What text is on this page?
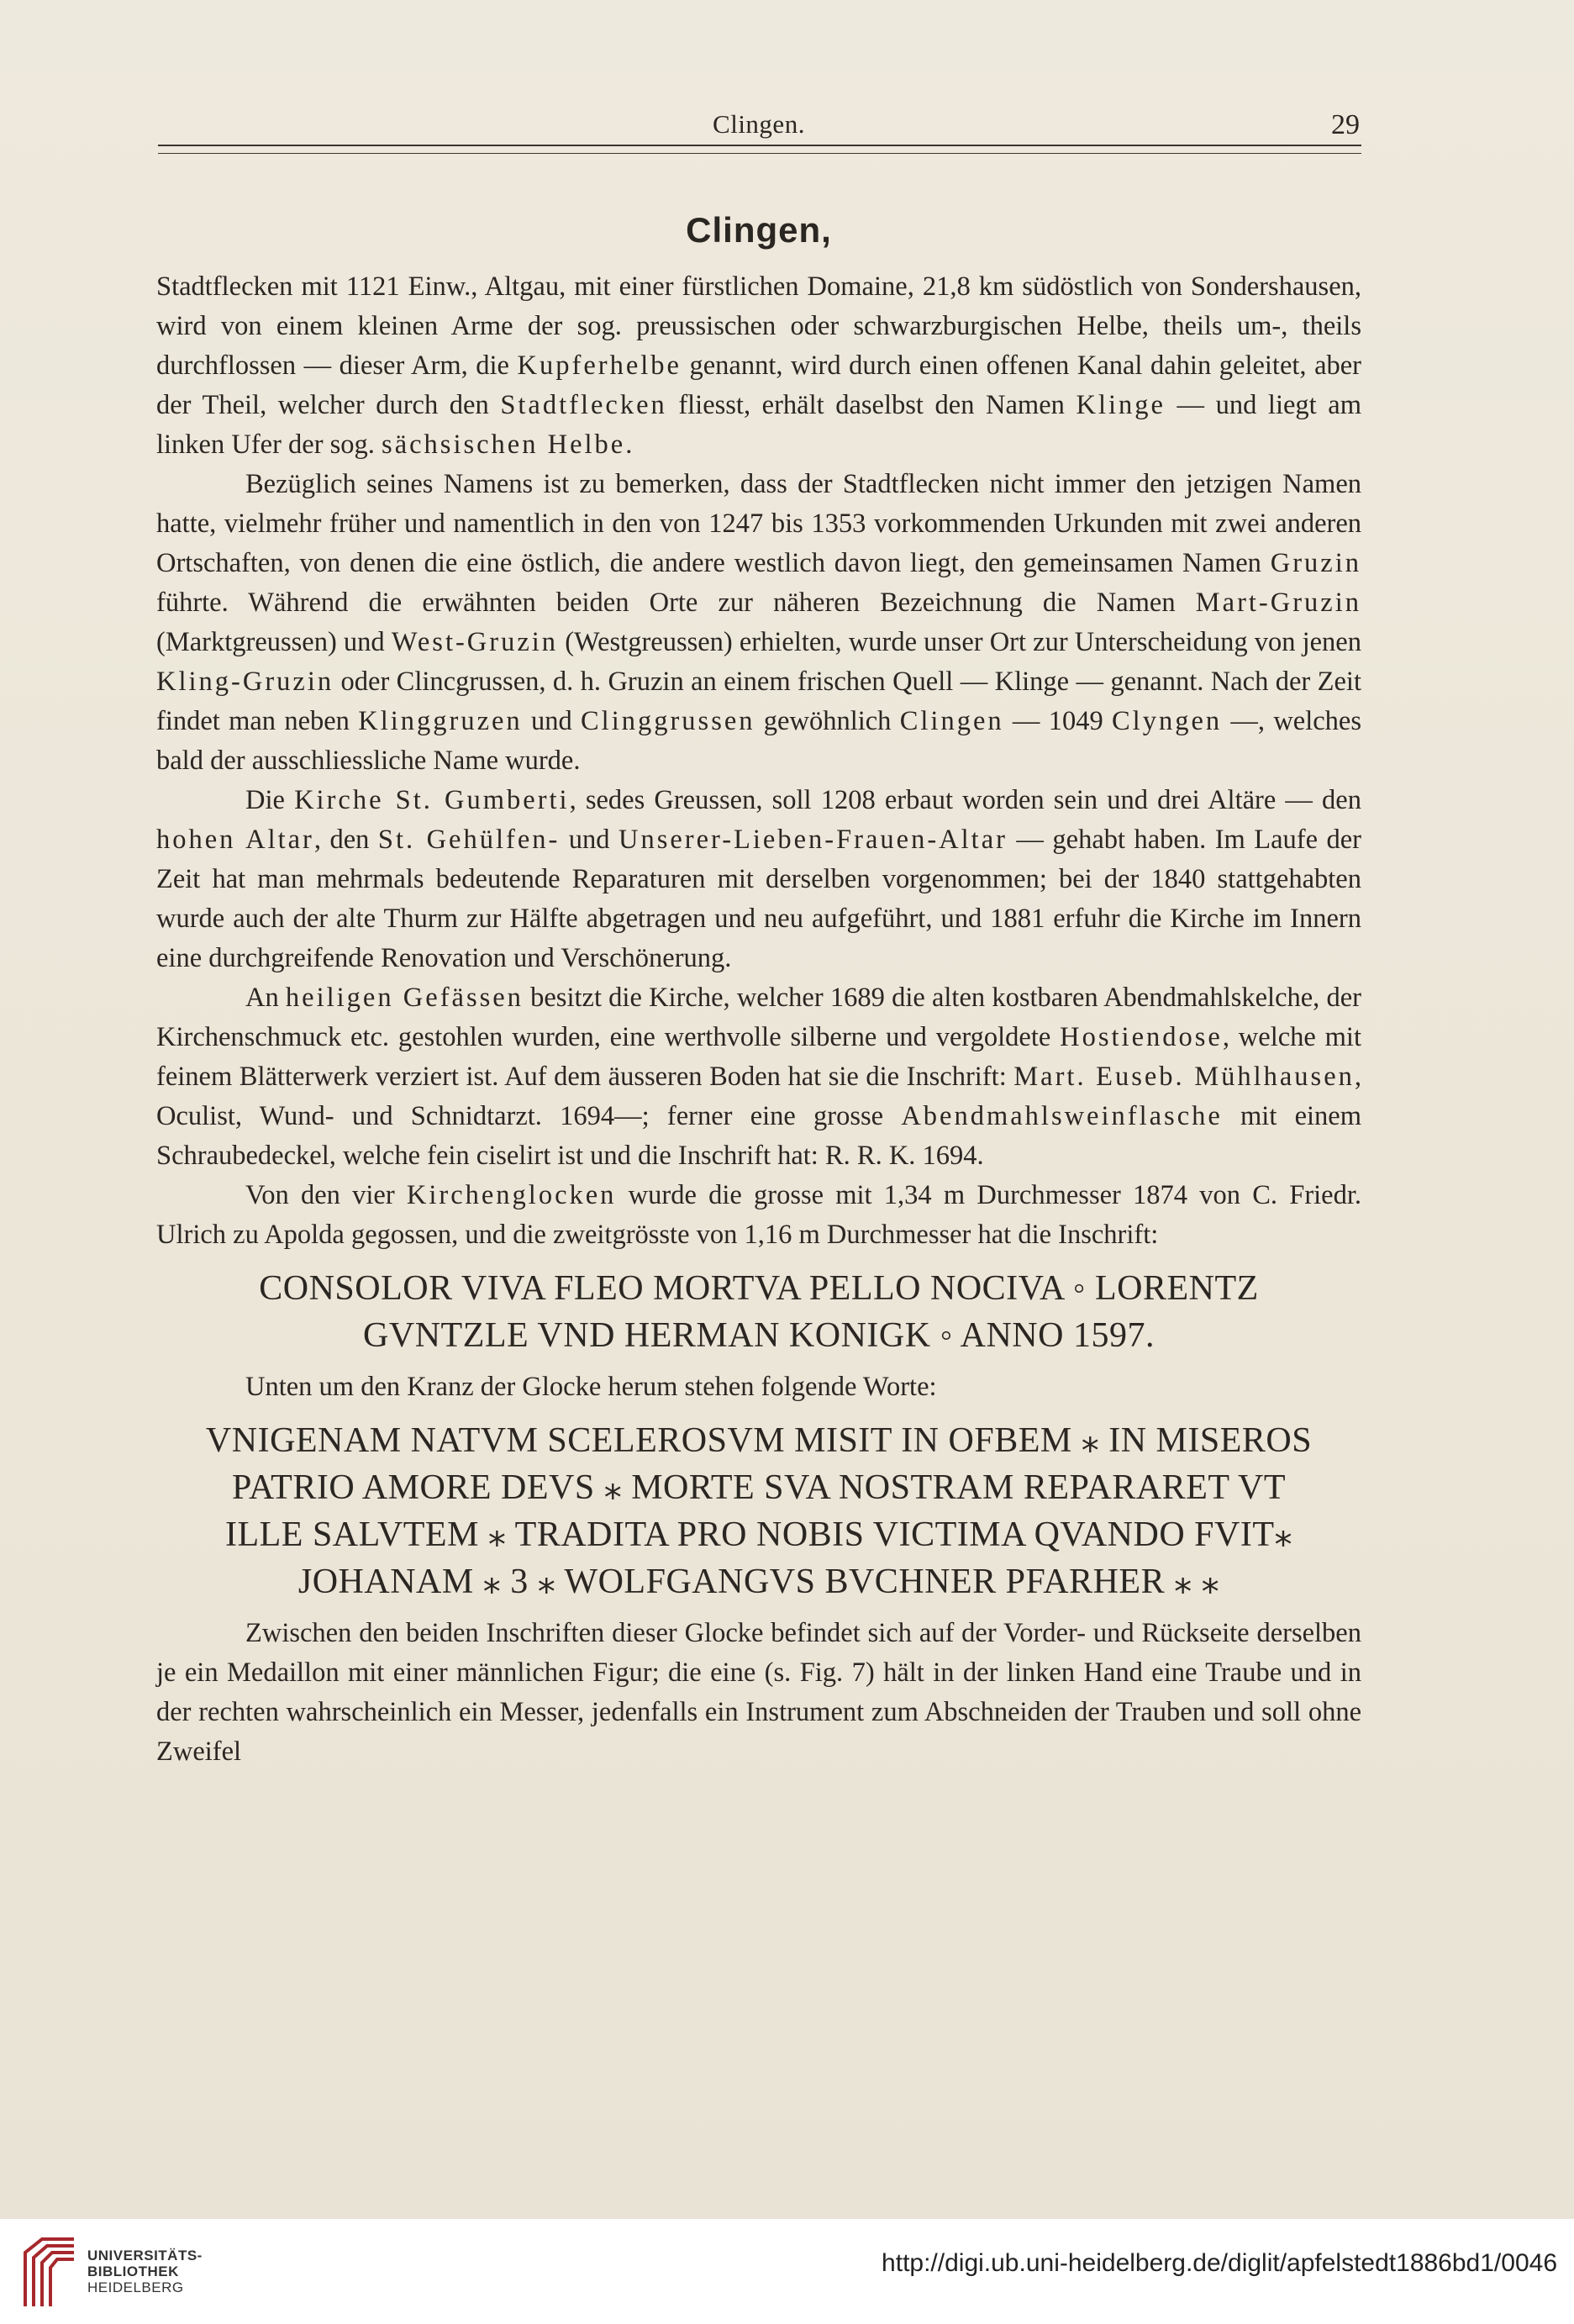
Clingen.	29
Clingen,

Stadtflecken mit 1121 Einw., Altgau, mit einer fürstlichen Domaine, 21,8 km südöstlich von Sondershausen, wird von einem kleinen Arme der sog. preussischen oder schwarzburgischen Helbe, theils um-, theils durchflossen — dieser Arm, die Kupferhelbe genannt, wird durch einen offenen Kanal dahin geleitet, aber der Theil, welcher durch den Stadtflecken fliesst, erhält daselbst den Namen Klinge — und liegt am linken Ufer der sog. sächsischen Helbe.

Bezüglich seines Namens ist zu bemerken, dass der Stadtflecken nicht immer den jetzigen Namen hatte, vielmehr früher und namentlich in den von 1247 bis 1353 vorkommenden Urkunden mit zwei anderen Ortschaften, von denen die eine östlich, die andere westlich davon liegt, den gemeinsamen Namen Gruzin führte. Während die erwähnten beiden Orte zur näheren Bezeichnung die Namen Mart-Gruzin (Marktgreussen) und West-Gruzin (Westgreussen) erhielten, wurde unser Ort zur Unterscheidung von jenen Kling-Gruzin oder Clincgrussen, d. h. Gruzin an einem frischen Quell — Klinge — genannt. Nach der Zeit findet man neben Klinggruzen und Clinggrussen gewöhnlich Clingen — 1049 Clyngen —, welches bald der ausschliessliche Name wurde.

Die Kirche St. Gumberti, sedes Greussen, soll 1208 erbaut worden sein und drei Altäre — den hohen Altar, den St. Gehülfen- und Unserer-Lieben-Frauen-Altar — gehabt haben. Im Laufe der Zeit hat man mehrmals bedeutende Reparaturen mit derselben vorgenommen; bei der 1840 stattgehabten wurde auch der alte Thurm zur Hälfte abgetragen und neu aufgeführt, und 1881 erfuhr die Kirche im Innern eine durchgreifende Renovation und Verschönerung.

An heiligen Gefässen besitzt die Kirche, welcher 1689 die alten kostbaren Abendmahlskelche, der Kirchenschmuck etc. gestohlen wurden, eine werthvolle silberne und vergoldete Hostiendose, welche mit feinem Blätterwerk verziert ist. Auf dem äusseren Boden hat sie die Inschrift: Mart. Euseb. Mühlhausen, Oculist, Wund- und Schnidtarzt. 1694—; ferner eine grosse Abendmahlsweinflasche mit einem Schraubedeckel, welche fein ciselirt ist und die Inschrift hat: R. R. K. 1694.

Von den vier Kirchenglocken wurde die grosse mit 1,34 m Durchmesser 1874 von C. Friedr. Ulrich zu Apolda gegossen, und die zweitgrösste von 1,16 m Durchmesser hat die Inschrift:

CONSOLOR VIVA FLEO MORTVA PELLO NOCIVA ◦ LORENTZ
GVNTZLE VND HERMAN KONIGK ◦ ANNO 1597.

Unten um den Kranz der Glocke herum stehen folgende Worte:

VNIGENAM NATVM SCELEROSVM MISIT IN OFBEM ⁎ IN MISEROS
PATRIO AMORE DEVS ⁎ MORTE SVA NOSTRAM REPARARET VT
ILLE SALVTEM ⁎ TRADITA PRO NOBIS VICTIMA QVANDO FVIT⁎
JOHANAM ⁎ 3 ⁎ WOLFGANGVS BVCHNER PFARHER ⁎ ⁎

Zwischen den beiden Inschriften dieser Glocke befindet sich auf der Vorder- und Rückseite derselben je ein Medaillon mit einer männlichen Figur; die eine (s. Fig. 7) hält in der linken Hand eine Traube und in der rechten wahrscheinlich ein Messer, jedenfalls ein Instrument zum Abschneiden der Trauben und soll ohne Zweifel

UNIVERSITÄTS-
BIBLIOTHEK
HEIDELBERG
http://digi.ub.uni-heidelberg.de/diglit/apfelstedt1886bd1/0046
